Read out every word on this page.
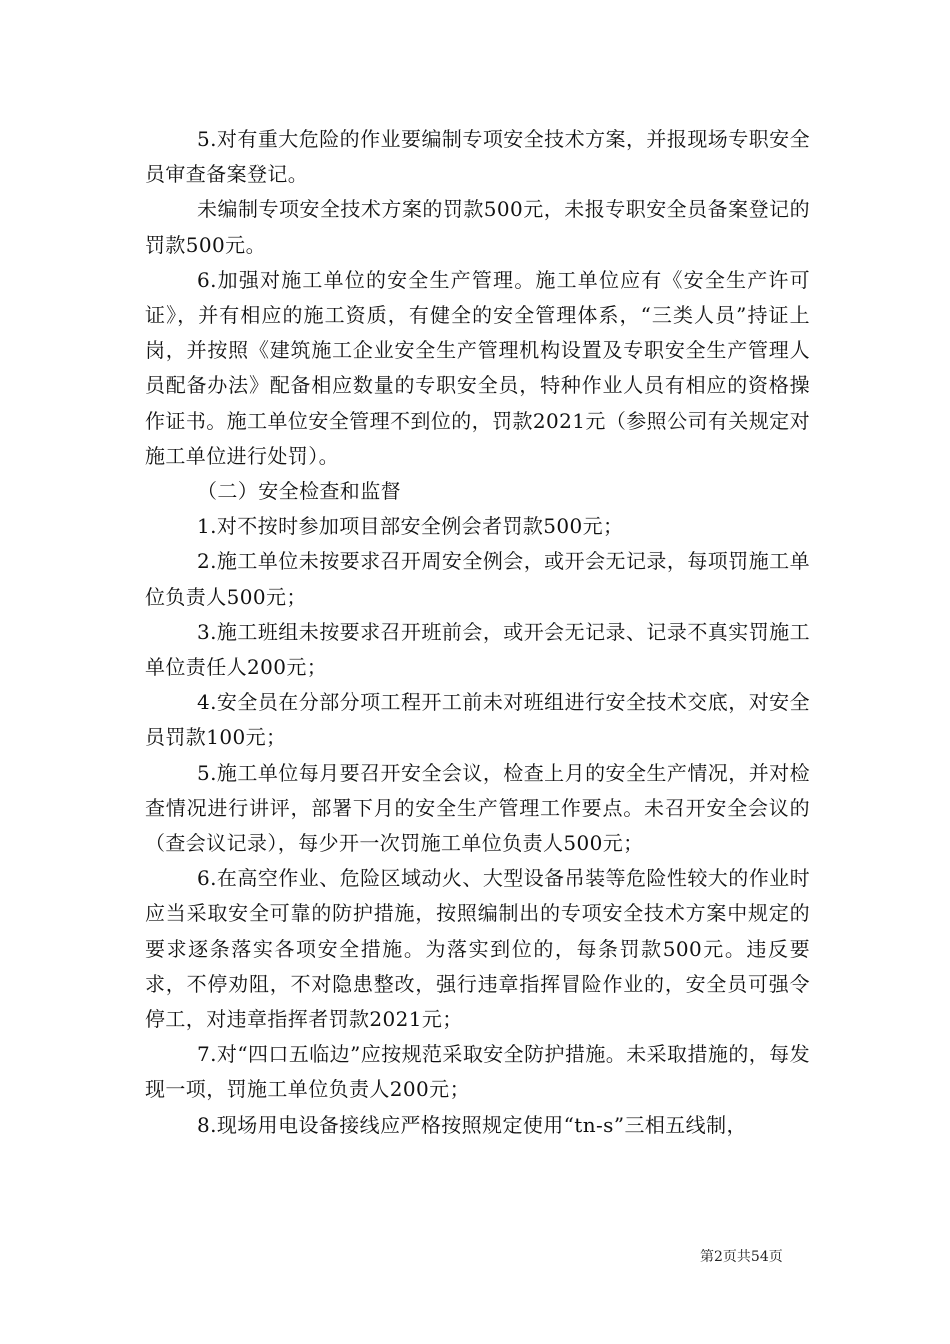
5.对有重大危险的作业要编制专项安全技术方案，并报现场专职安全员审查备案登记。

未编制专项安全技术方案的罚款500元，未报专职安全员备案登记的罚款500元。

6.加强对施工单位的安全生产管理。施工单位应有《安全生产许可证》，并有相应的施工资质，有健全的安全管理体系，“三类人员”持证上岗，并按照《建筑施工企业安全生产管理机构设置及专职安全生产管理人员配备办法》配备相应数量的专职安全员，特种作业人员有相应的资格操作证书。施工单位安全管理不到位的，罚款2021元（参照公司有关规定对施工单位进行处罚）。

（二）安全检查和监督

1.对不按时参加项目部安全例会者罚款500元；

2.施工单位未按要求召开周安全例会，或开会无记录，每项罚施工单位负责人500元；

3.施工班组未按要求召开班前会，或开会无记录、记录不真实罚施工单位责任人200元；

4.安全员在分部分项工程开工前未对班组进行安全技术交底，对安全员罚款100元；

5.施工单位每月要召开安全会议，检查上月的安全生产情况，并对检查情况进行讲评，部署下月的安全生产管理工作要点。未召开安全会议的（查会议记录），每少开一次罚施工单位负责人500元；

6.在高空作业、危险区域动火、大型设备吊装等危险性较大的作业时应当采取安全可靠的防护措施，按照编制出的专项安全技术方案中规定的要求逐条落实各项安全措施。为落实到位的，每条罚款500元。违反要求，不停劝阻，不对隐患整改，强行违章指挥冒险作业的，安全员可强令停工，对违章指挥者罚款2021元；

7.对“四口五临边”应按规范采取安全防护措施。未采取措施的，每发现一项，罚施工单位负责人200元；

8.现场用电设备接线应严格按照规定使用“tn-s”三相五线制，

第2页共54页
